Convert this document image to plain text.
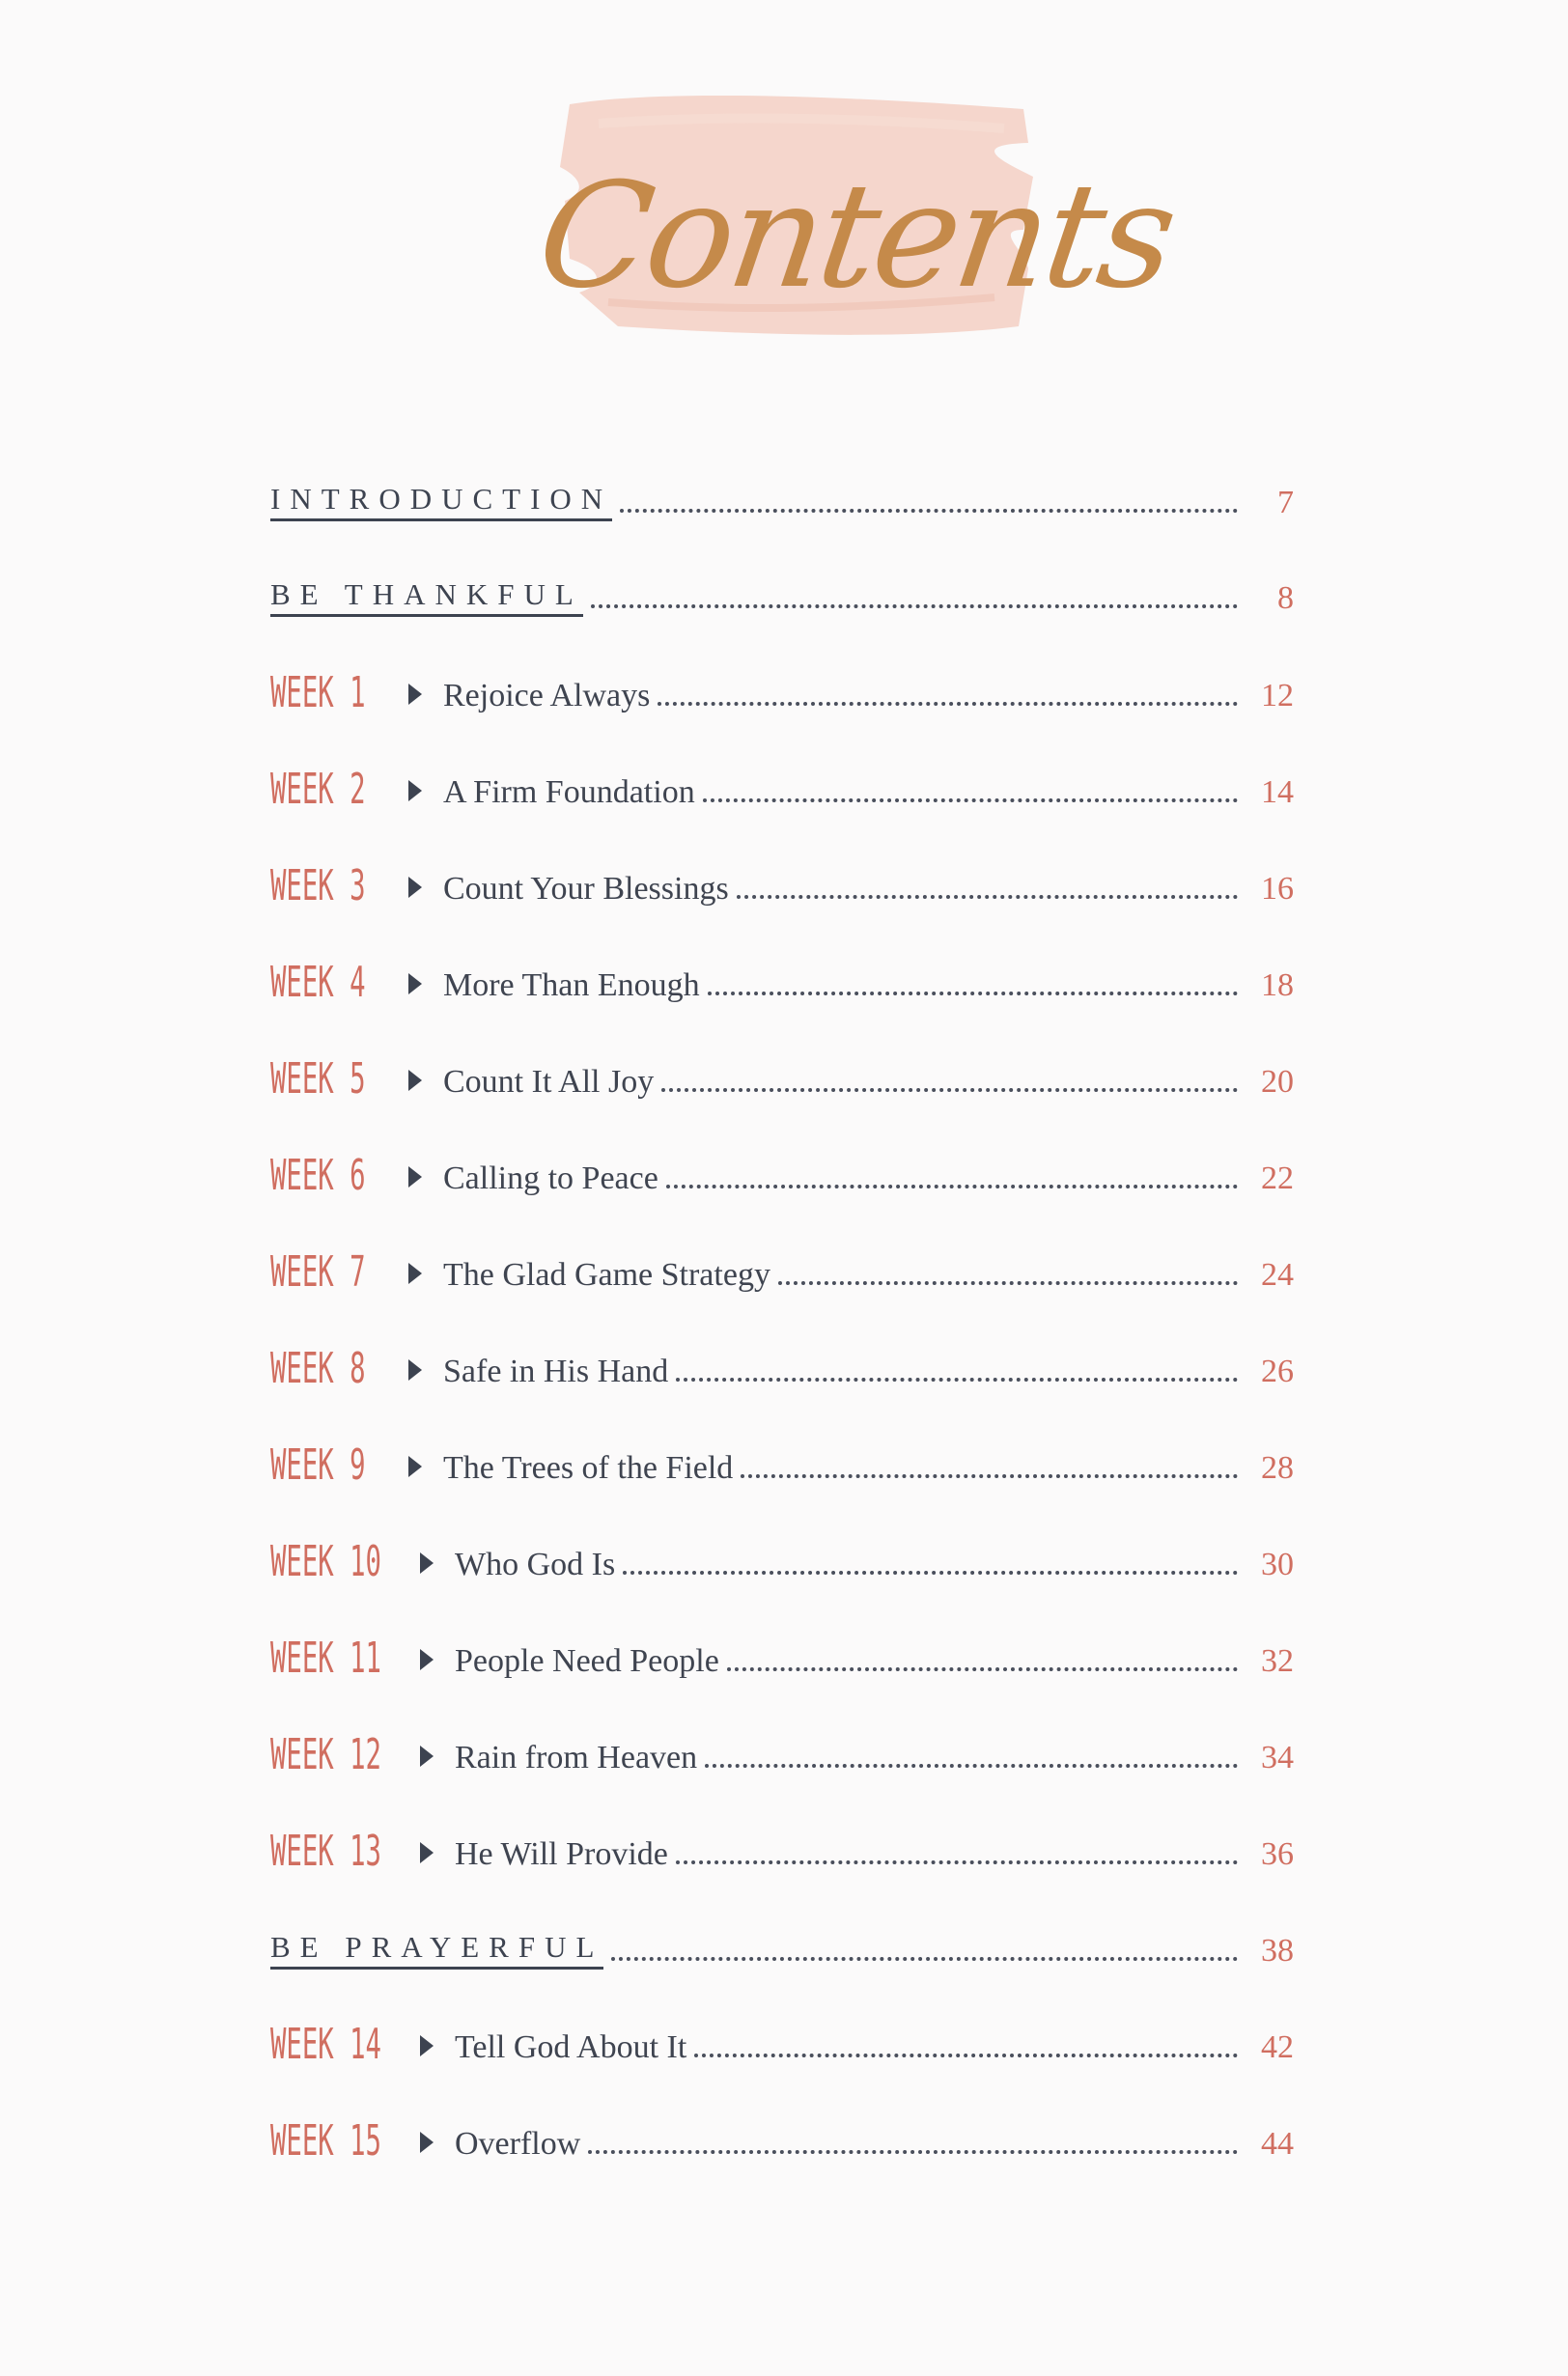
Contents
INTRODUCTION	7
BE THANKFUL	8
WEEK 1 Rejoice Always	12
WEEK 2 A Firm Foundation	14
WEEK 3 Count Your Blessings	16
WEEK 4 More Than Enough	18
WEEK 5 Count It All Joy	20
WEEK 6 Calling to Peace	22
WEEK 7 The Glad Game Strategy	24
WEEK 8 Safe in His Hand	26
WEEK 9 The Trees of the Field	28
WEEK 10 Who God Is	30
WEEK 11 People Need People	32
WEEK 12 Rain from Heaven	34
WEEK 13 He Will Provide	36
BE PRAYERFUL	38
WEEK 14 Tell God About It	42
WEEK 15 Overflow	44
